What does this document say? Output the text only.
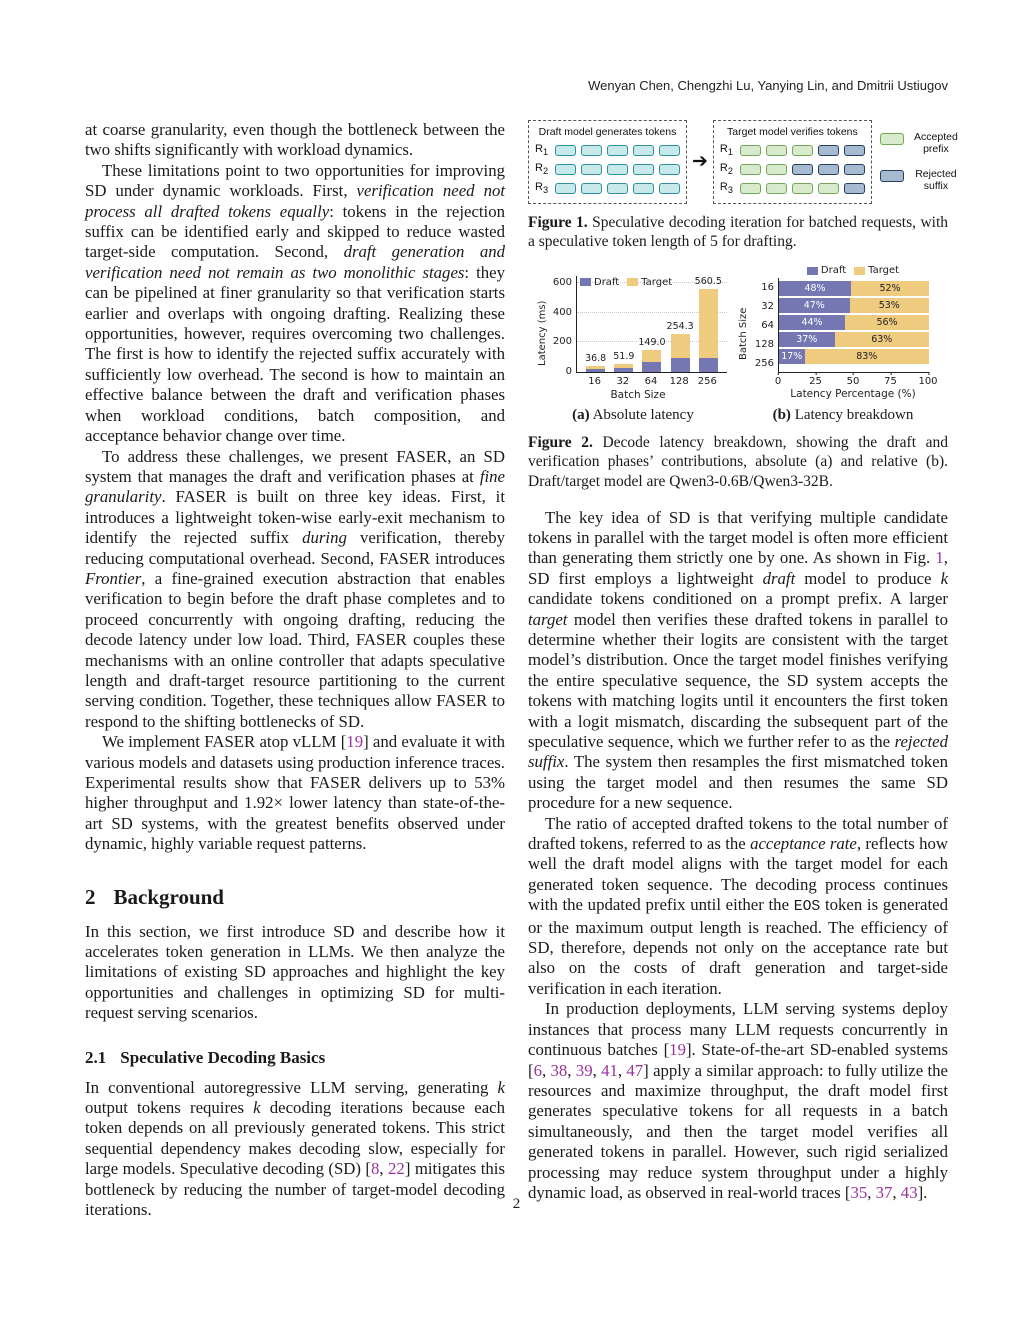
Wenyan Chen, Chengzhi Lu, Yanying Lin, and Dmitrii Ustiugov

at coarse granularity, even though the bottleneck between the two shifts significantly with workload dynamics.

These limitations point to two opportunities for improving SD under dynamic workloads. First, verification need not process all drafted tokens equally: tokens in the rejection suffix can be identified early and skipped to reduce wasted target-side computation. Second, draft generation and verification need not remain as two monolithic stages: they can be pipelined at finer granularity so that verification starts earlier and overlaps with ongoing drafting. Realizing these opportunities, however, requires overcoming two challenges. The first is how to identify the rejected suffix accurately with sufficiently low overhead. The second is how to maintain an effective balance between the draft and verification phases when workload conditions, batch composition, and acceptance behavior change over time.

To address these challenges, we present FASER, an SD system that manages the draft and verification phases at fine granularity. FASER is built on three key ideas. First, it introduces a lightweight token-wise early-exit mechanism to identify the rejected suffix during verification, thereby reducing computational overhead. Second, FASER introduces Frontier, a fine-grained execution abstraction that enables verification to begin before the draft phase completes and to proceed concurrently with ongoing drafting, reducing the decode latency under low load. Third, FASER couples these mechanisms with an online controller that adapts speculative length and draft-target resource partitioning to the current serving condition. Together, these techniques allow FASER to respond to the shifting bottlenecks of SD.

We implement FASER atop vLLM [19] and evaluate it with various models and datasets using production inference traces. Experimental results show that FASER delivers up to 53% higher throughput and 1.92× lower latency than state-of-the-art SD systems, with the greatest benefits observed under dynamic, highly variable request patterns.

2 Background

In this section, we first introduce SD and describe how it accelerates token generation in LLMs. We then analyze the limitations of existing SD approaches and highlight the key opportunities and challenges in optimizing SD for multi-request serving scenarios.

2.1 Speculative Decoding Basics

In conventional autoregressive LLM serving, generating k output tokens requires k decoding iterations because each token depends on all previously generated tokens. This strict sequential dependency makes decoding slow, especially for large models. Speculative decoding (SD) [8, 22] mitigates this bottleneck by reducing the number of target-model decoding iterations.

Draft model generates tokens
$R_1$
$R_2$
$R_3$
➔
Target model verifies tokens
$R_1$
$R_2$
$R_3$
Accepted prefix
Rejected suffix
Figure 1. Speculative decoding iteration for batched requests, with a speculative token length of 5 for drafting.
Latency (ms)
0
200
400
600
36.8 51.9
149.0
254.3
560.5
Draft Target
16	32	64	128 256
Batch Size
Batch Size
Draft Target
16
32
64
128
256
48%	52%
47%	53%
44%	56%
37%	63%
17%	83%
0	25 50 75 100
Latency Percentage (%)
(a) Absolute latency	(b) Latency breakdown
Figure 2. Decode latency breakdown, showing the draft and verification phases’ contributions, absolute (a) and relative (b). Draft/target model are Qwen3-0.6B/Qwen3-32B.

The key idea of SD is that verifying multiple candidate tokens in parallel with the target model is often more efficient than generating them strictly one by one. As shown in Fig. 1, SD first employs a lightweight draft model to produce k candidate tokens conditioned on a prompt prefix. A larger target model then verifies these drafted tokens in parallel to determine whether their logits are consistent with the target model’s distribution. Once the target model finishes verifying the entire speculative sequence, the SD system accepts the tokens with matching logits until it encounters the first token with a logit mismatch, discarding the subsequent part of the speculative sequence, which we further refer to as the rejected suffix. The system then resamples the first mismatched token using the target model and then resumes the same SD procedure for a new sequence.

The ratio of accepted drafted tokens to the total number of drafted tokens, referred to as the acceptance rate, reflects how well the draft model aligns with the target model for each generated token sequence. The decoding process continues with the updated prefix until either the EOS token is generated or the maximum output length is reached. The efficiency of SD, therefore, depends not only on the acceptance rate but also on the costs of draft generation and target-side verification in each iteration.

In production deployments, LLM serving systems deploy instances that process many LLM requests concurrently in continuous batches [19]. State-of-the-art SD-enabled systems [6, 38, 39, 41, 47] apply a similar approach: to fully utilize the resources and maximize throughput, the draft model first generates speculative tokens for all requests in a batch simultaneously, and then the target model verifies all generated tokens in parallel. However, such rigid serialized processing may reduce system throughput under a highly dynamic load, as observed in real-world traces [35, 37, 43].

2
